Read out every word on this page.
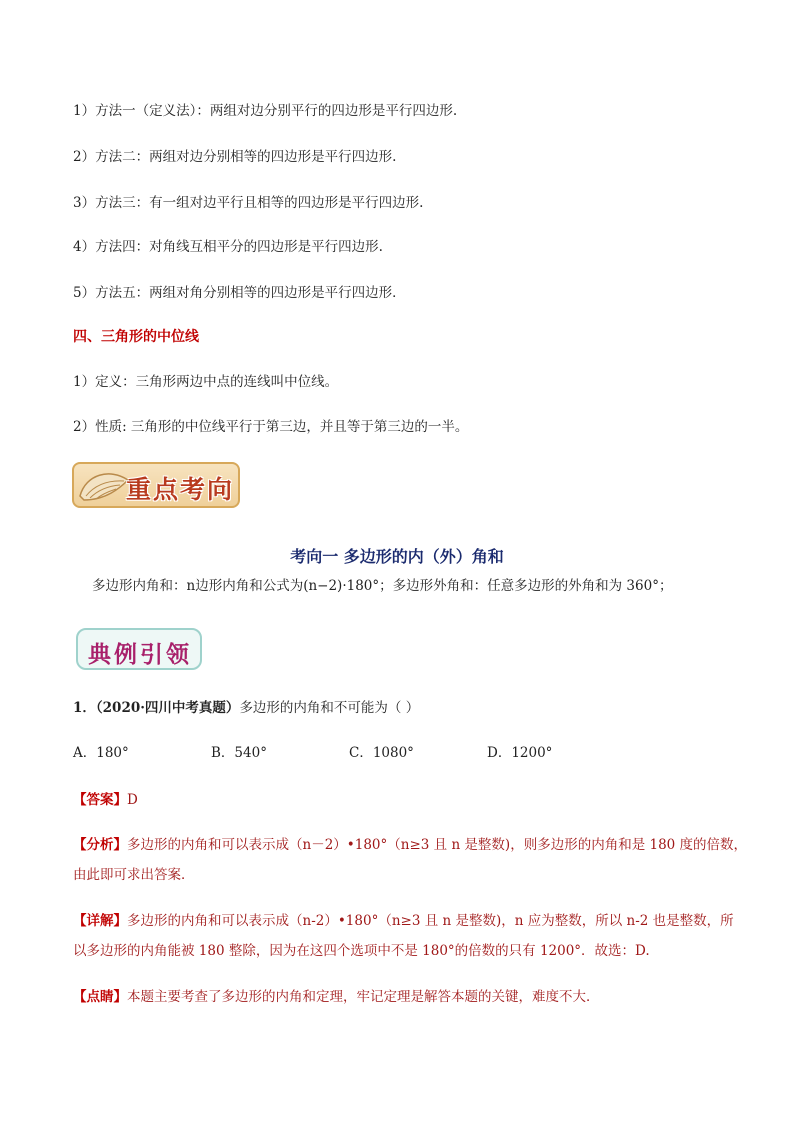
1）方法一（定义法）：两组对边分别平行的四边形是平行四边形.
2）方法二：两组对边分别相等的四边形是平行四边形.
3）方法三：有一组对边平行且相等的四边形是平行四边形.
4）方法四：对角线互相平分的四边形是平行四边形.
5）方法五：两组对角分别相等的四边形是平行四边形．
四、三角形的中位线
1）定义：三角形两边中点的连线叫中位线。
2）性质: 三角形的中位线平行于第三边，并且等于第三边的一半。
重点考向
考向一 多边形的内（外）角和
多边形内角和：n边形内角和公式为(n−2)·180°；多边形外角和：任意多边形的外角和为 360°；
典例引领
1．（2020·四川中考真题）多边形的内角和不可能为（ ）
A．180°	B．540°	C．1080°	D．1200°
【答案】D
【分析】多边形的内角和可以表示成（n－2）•180°（n≥3 且 n 是整数)，则多边形的内角和是 180 度的倍数，
由此即可求出答案．
【详解】多边形的内角和可以表示成（n-2）•180°（n≥3 且 n 是整数)，n 应为整数，所以 n-2 也是整数，所
以多边形的内角能被 180 整除，因为在这四个选项中不是 180°的倍数的只有 1200°．故选：D.
【点睛】本题主要考查了多边形的内角和定理，牢记定理是解答本题的关键，难度不大．
